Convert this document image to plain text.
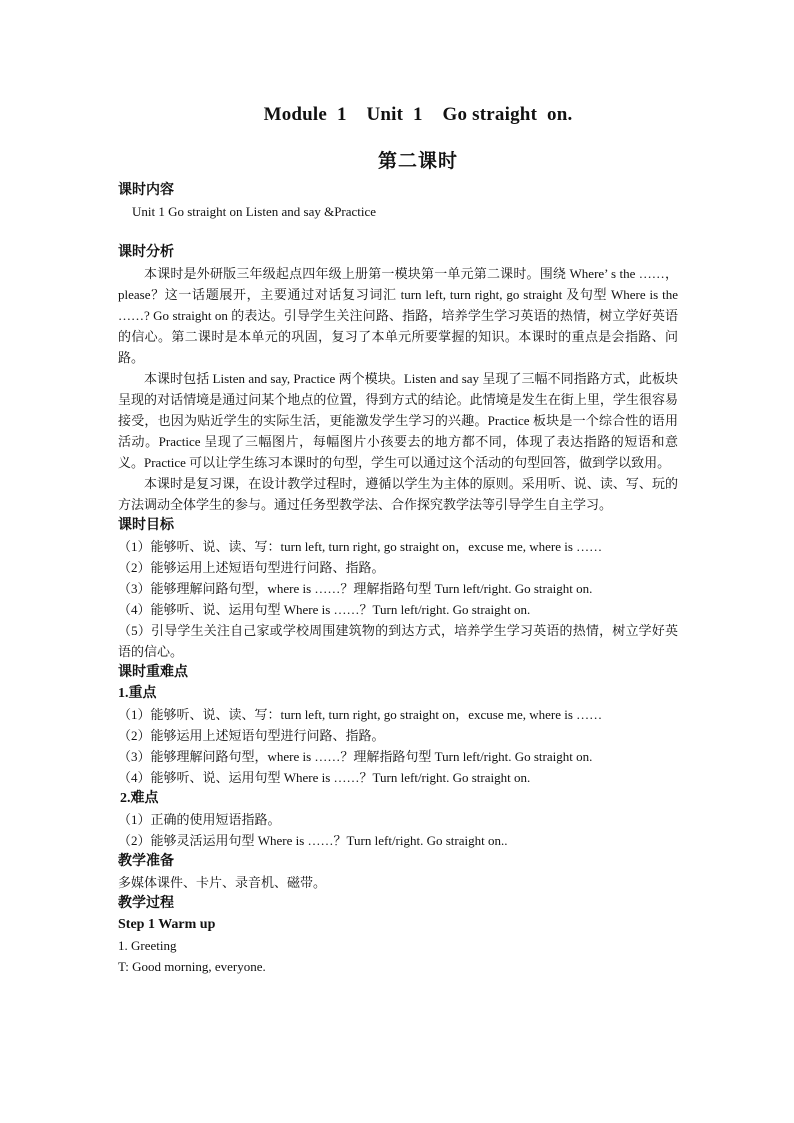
Module  1    Unit  1    Go straight  on.
第二课时
课时内容
Unit 1 Go straight on Listen and say &Practice
课时分析

本课时是外研版三年级起点四年级上册第一模块第一单元第二课时。围绕 Where’ s the ……，please？这一话题展开，主要通过对话复习词汇 turn left, turn right, go straight 及句型 Where is the ……? Go straight on 的表达。引导学生关注问路、指路，培养学生学习英语的热情，树立学好英语的信心。第二课时是本单元的巩固，复习了本单元所要掌握的知识。本课时的重点是会指路、问路。

本课时包括 Listen and say, Practice 两个模块。Listen and say 呈现了三幅不同指路方式，此板块呈现的对话情境是通过问某个地点的位置，得到方式的结论。此情境是发生在街上里，学生很容易接受，也因为贴近学生的实际生活，更能激发学生学习的兴趣。Practice 板块是一个综合性的语用活动。Practice 呈现了三幅图片，每幅图片小孩要去的地方都不同，体现了表达指路的短语和意义。Practice 可以让学生练习本课时的句型，学生可以通过这个活动的句型回答，做到学以致用。

本课时是复习课，在设计教学过程时，遵循以学生为主体的原则。采用听、说、读、写、玩的方法调动全体学生的参与。通过任务型教学法、合作探究教学法等引导学生自主学习。

课时目标
（1）能够听、说、读、写：turn left, turn right, go straight on，excuse me, where is ……
（2）能够运用上述短语句型进行问路、指路。
（3）能够理解问路句型，where is ……？理解指路句型 Turn left/right. Go straight on.
（4）能够听、说、运用句型 Where is ……？Turn left/right. Go straight on.

（5）引导学生关注自己家或学校周围建筑物的到达方式，培养学生学习英语的热情，树立学好英语的信心。

课时重难点
1.重点
（1）能够听、说、读、写：turn left, turn right, go straight on，excuse me, where is ……
（2）能够运用上述短语句型进行问路、指路。
（3）能够理解问路句型，where is ……？理解指路句型 Turn left/right. Go straight on.
（4）能够听、说、运用句型 Where is ……？Turn left/right. Go straight on.
2.难点
（1）正确的使用短语指路。
（2）能够灵活运用句型 Where is ……？Turn left/right. Go straight on..
教学准备
多媒体课件、卡片、录音机、磁带。
教学过程
Step 1 Warm up
1. Greeting
T: Good morning, everyone.
